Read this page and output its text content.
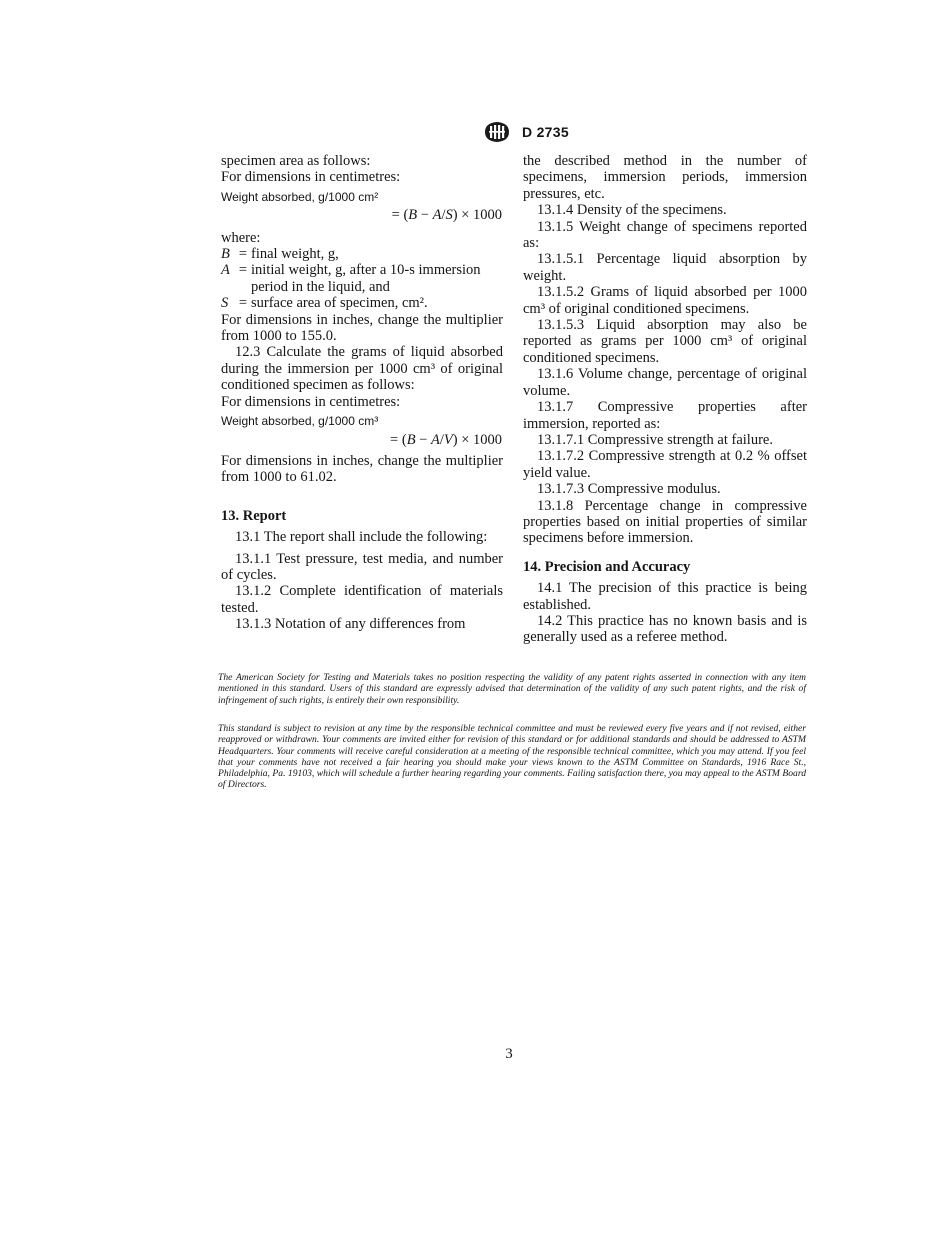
D 2735

specimen area as follows:

For dimensions in centimetres:

Weight absorbed, g/1000 cm²

= (B − A/S) × 1000

where:

B = final weight, g,
A = initial weight, g, after a 10-s immersion period in the liquid, and
S = surface area of specimen, cm².

For dimensions in inches, change the multiplier from 1000 to 155.0.

12.3 Calculate the grams of liquid absorbed during the immersion per 1000 cm³ of original conditioned specimen as follows:

For dimensions in centimetres:

Weight absorbed, g/1000 cm³

= (B − A/V) × 1000

For dimensions in inches, change the multiplier from 1000 to 61.02.

13. Report

13.1 The report shall include the following:

13.1.1 Test pressure, test media, and number of cycles.

13.1.2 Complete identification of materials tested.

13.1.3 Notation of any differences from

the described method in the number of specimens, immersion periods, immersion pressures, etc.

13.1.4 Density of the specimens.

13.1.5 Weight change of specimens reported as:

13.1.5.1 Percentage liquid absorption by weight.

13.1.5.2 Grams of liquid absorbed per 1000 cm³ of original conditioned specimens.

13.1.5.3 Liquid absorption may also be reported as grams per 1000 cm³ of original conditioned specimens.

13.1.6 Volume change, percentage of original volume.

13.1.7 Compressive properties after immersion, reported as:

13.1.7.1 Compressive strength at failure.

13.1.7.2 Compressive strength at 0.2 % offset yield value.

13.1.7.3 Compressive modulus.

13.1.8 Percentage change in compressive properties based on initial properties of similar specimens before immersion.

14. Precision and Accuracy

14.1 The precision of this practice is being established.

14.2 This practice has no known basis and is generally used as a referee method.

The American Society for Testing and Materials takes no position respecting the validity of any patent rights asserted in connection with any item mentioned in this standard. Users of this standard are expressly advised that determination of the validity of any such patent rights, and the risk of infringement of such rights, is entirely their own responsibility.

This standard is subject to revision at any time by the responsible technical committee and must be reviewed every five years and if not revised, either reapproved or withdrawn. Your comments are invited either for revision of this standard or for additional standards and should be addressed to ASTM Headquarters. Your comments will receive careful consideration at a meeting of the responsible technical committee, which you may attend. If you feel that your comments have not received a fair hearing you should make your views known to the ASTM Committee on Standards, 1916 Race St., Philadelphia, Pa. 19103, which will schedule a further hearing regarding your comments. Failing satisfaction there, you may appeal to the ASTM Board of Directors.

3
